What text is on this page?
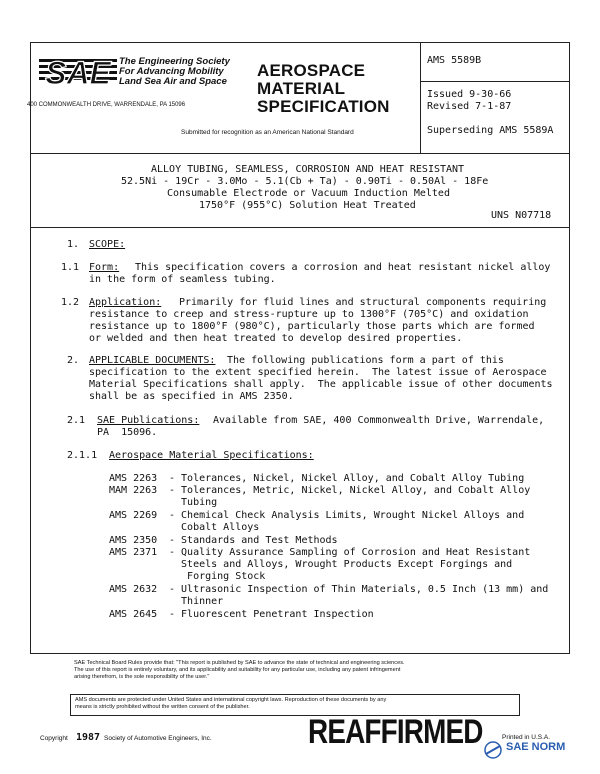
SAE The Engineering Society
For Advancing Mobility
Land Sea Air and Space
400 COMMONWEALTH DRIVE, WARRENDALE, PA 15096
AEROSPACE
MATERIAL
SPECIFICATION
Submitted for recognition as an American National Standard
AMS 5589B
Issued 9-30-66
Revised 7-1-87
Superseding AMS 5589A
ALLOY TUBING, SEAMLESS, CORROSION AND HEAT RESISTANT
52.5Ni - 19Cr - 3.0Mo - 5.1(Cb + Ta) - 0.90Ti - 0.50Al - 18Fe
Consumable Electrode or Vacuum Induction Melted
1750°F (955°C) Solution Heat Treated
UNS N07718
1. SCOPE:
1.1 Form: This specification covers a corrosion and heat resistant nickel alloy
in the form of seamless tubing.
1.2 Application: Primarily for fluid lines and structural components requiring
resistance to creep and stress-rupture up to 1300°F (705°C) and oxidation
resistance up to 1800°F (980°C), particularly those parts which are formed
or welded and then heat treated to develop desired properties.
2. APPLICABLE DOCUMENTS: The following publications form a part of this
specification to the extent specified herein.  The latest issue of Aerospace
Material Specifications shall apply.  The applicable issue of other documents
shall be as specified in AMS 2350.
2.1 SAE Publications: Available from SAE, 400 Commonwealth Drive, Warrendale,
PA  15096.
2.1.1 Aerospace Material Specifications:
AMS 2263 - Tolerances, Nickel, Nickel Alloy, and Cobalt Alloy Tubing
MAM 2263 - Tolerances, Metric, Nickel, Nickel Alloy, and Cobalt Alloy
Tubing
AMS 2269 - Chemical Check Analysis Limits, Wrought Nickel Alloys and
Cobalt Alloys
AMS 2350 - Standards and Test Methods
AMS 2371 - Quality Assurance Sampling of Corrosion and Heat Resistant
Steels and Alloys, Wrought Products Except Forgings and
Forging Stock
AMS 2632 - Ultrasonic Inspection of Thin Materials, 0.5 Inch (13 mm) and
Thinner
AMS 2645 - Fluorescent Penetrant Inspection
SAE Technical Board Rules provide that: "This report is published by SAE to advance the state of technical and engineering sciences.
The use of this report is entirely voluntary, and its applicability and suitability for any particular use, including any patent infringement
arising therefrom, is the sole responsibility of the user."
AMS documents are protected under United States and international copyright laws. Reproduction of these documents by any
means is strictly prohibited without the written consent of the publisher.
Copyright 1987 Society of Automotive Engineers, Inc.	REAFFIRMED	Printed in U.S.A.
SAE NORM
